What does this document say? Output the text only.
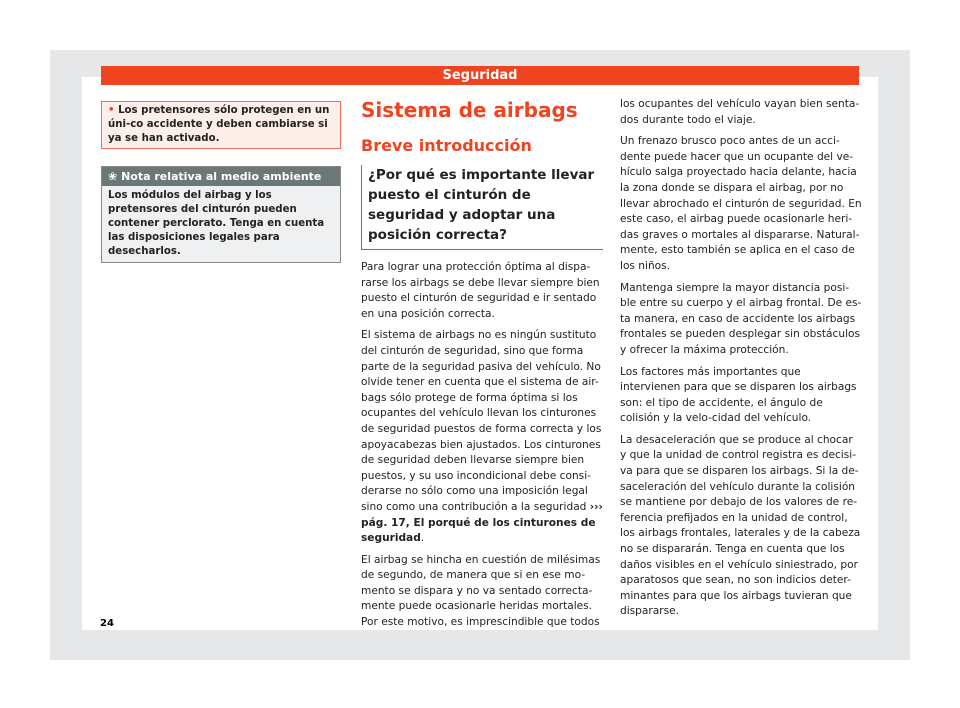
Seguridad
• Los pretensores sólo protegen en un úni-co accidente y deben cambiarse si ya se han activado.
❀ Nota relativa al medio ambiente
Los módulos del airbag y los pretensores del cinturón pueden contener perclorato. Tenga en cuenta las disposiciones legales para desecharlos.
Sistema de airbags
Breve introducción
¿Por qué es importante llevar puesto el cinturón de seguridad y adoptar una posición correcta?
Para lograr una protección óptima al dispa-rarse los airbags se debe llevar siempre bien puesto el cinturón de seguridad e ir sentado en una posición correcta.
El sistema de airbags no es ningún sustituto del cinturón de seguridad, sino que forma parte de la seguridad pasiva del vehículo. No olvide tener en cuenta que el sistema de air-bags sólo protege de forma óptima si los ocupantes del vehículo llevan los cinturones de seguridad puestos de forma correcta y los apoyacabezas bien ajustados. Los cinturones de seguridad deben llevarse siempre bien puestos, y su uso incondicional debe consi-derarse no sólo como una imposición legal sino como una contribución a la seguridad ››› pág. 17, El porqué de los cinturones de seguridad.
El airbag se hincha en cuestión de milésimas de segundo, de manera que si en ese mo-mento se dispara y no va sentado correcta-mente puede ocasionarle heridas mortales. Por este motivo, es imprescindible que todos
los ocupantes del vehículo vayan bien senta-dos durante todo el viaje.
Un frenazo brusco poco antes de un acci-dente puede hacer que un ocupante del ve-hículo salga proyectado hacia delante, hacia la zona donde se dispara el airbag, por no llevar abrochado el cinturón de seguridad. En este caso, el airbag puede ocasionarle heri-das graves o mortales al dispararse. Natural-mente, esto también se aplica en el caso de los niños.
Mantenga siempre la mayor distancia posi-ble entre su cuerpo y el airbag frontal. De es-ta manera, en caso de accidente los airbags frontales se pueden desplegar sin obstáculos y ofrecer la máxima protección.
Los factores más importantes que intervienen para que se disparen los airbags son: el tipo de accidente, el ángulo de colisión y la velo-cidad del vehículo.
La desaceleración que se produce al chocar y que la unidad de control registra es decisi-va para que se disparen los airbags. Si la de-saceleración del vehículo durante la colisión se mantiene por debajo de los valores de re-ferencia prefijados en la unidad de control, los airbags frontales, laterales y de la cabeza no se dispararán. Tenga en cuenta que los daños visibles en el vehículo siniestrado, por aparatosos que sean, no son indicios deter-minantes para que los airbags tuvieran que dispararse.
24
